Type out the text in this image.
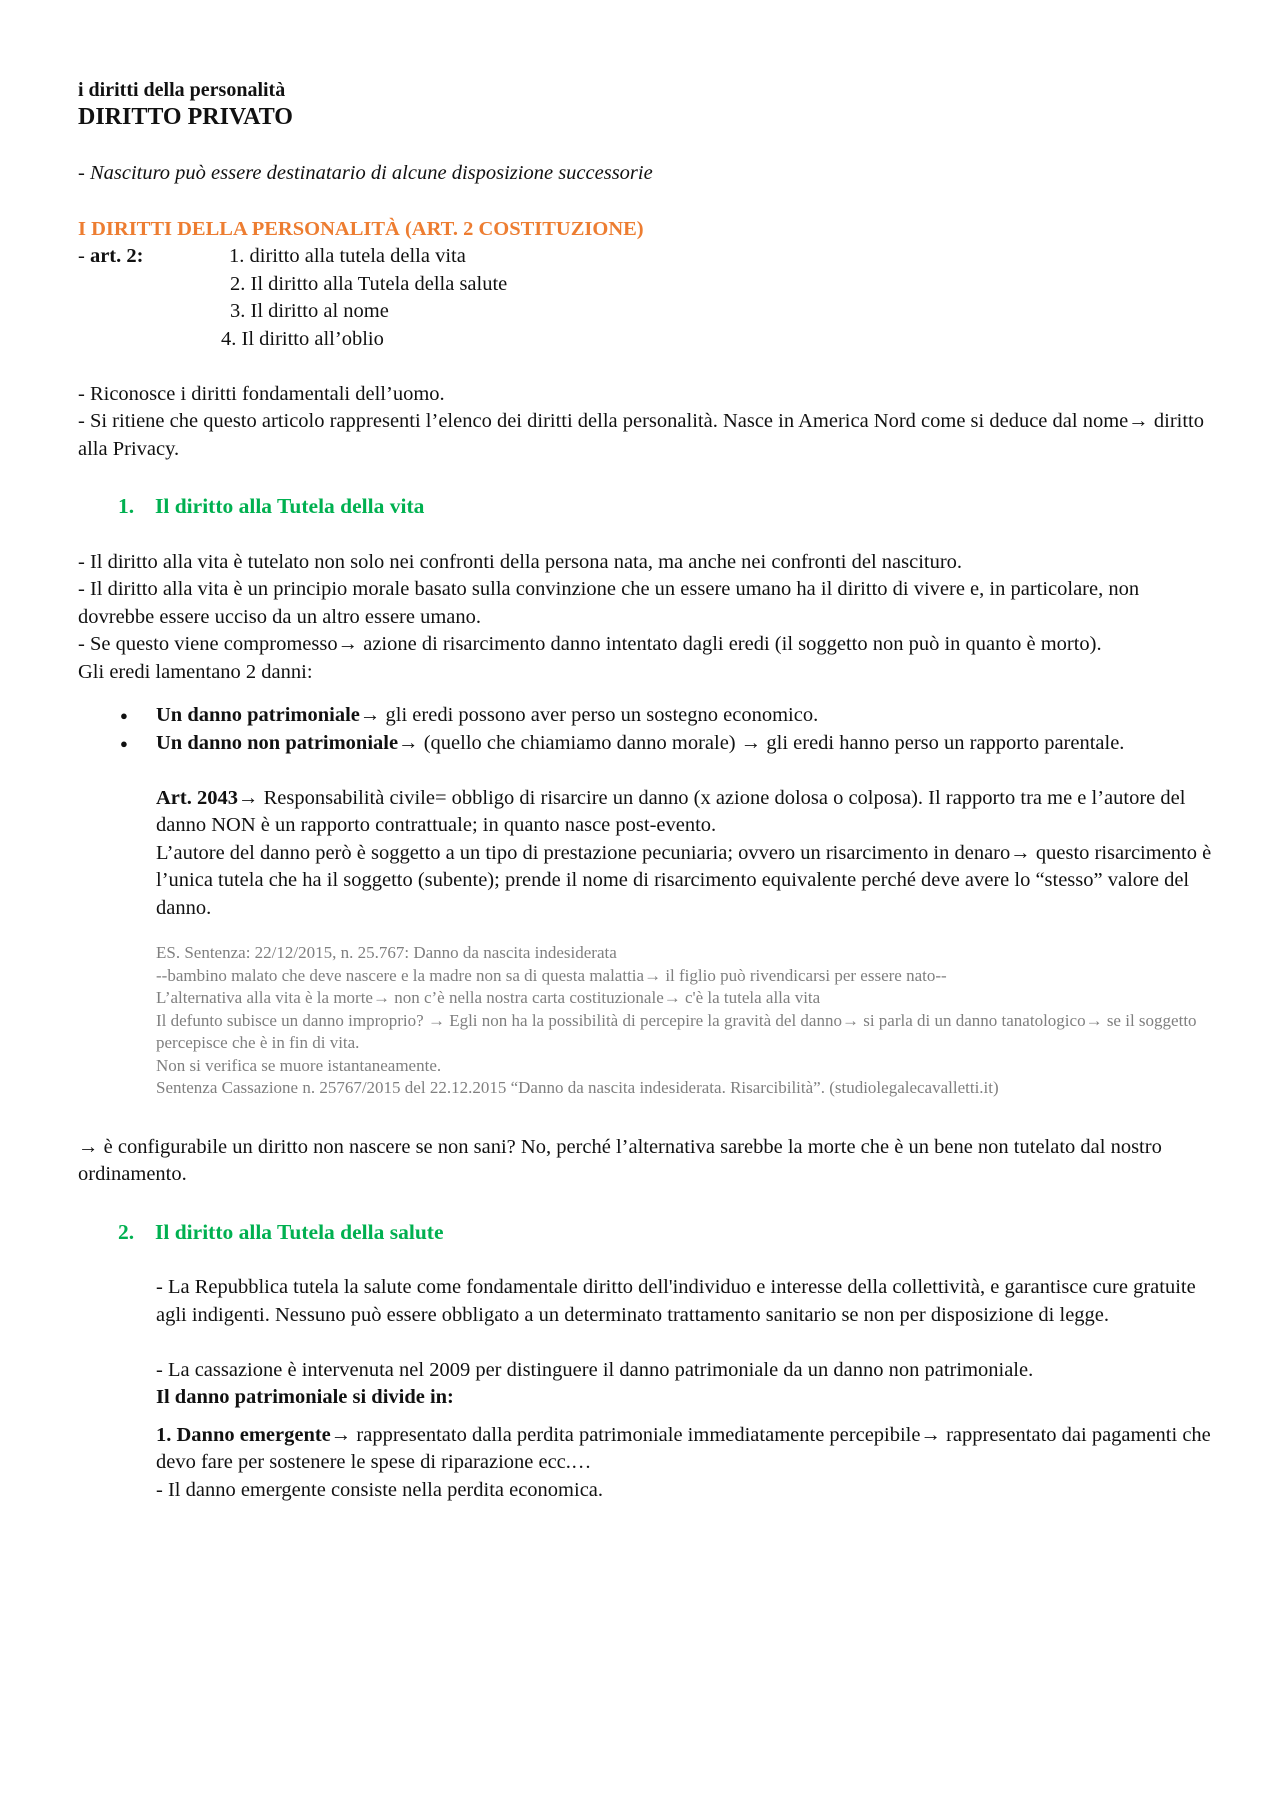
i diritti della personalità

DIRITTO PRIVATO

- Nascituro può essere destinatario di alcune disposizione successorie

I DIRITTI DELLA PERSONALITÀ (ART. 2 COSTITUZIONE)

- art. 2:	1. diritto alla tutela della vita
2. Il diritto alla Tutela della salute
3. Il diritto al nome
4. Il diritto all’oblio

- Riconosce i diritti fondamentali dell’uomo.

- Si ritiene che questo articolo rappresenti l’elenco dei diritti della personalità. Nasce in America Nord come si deduce dal nome→ diritto alla Privacy.

1. Il diritto alla Tutela della vita

- Il diritto alla vita è tutelato non solo nei confronti della persona nata, ma anche nei confronti del nascituro.

- Il diritto alla vita è un principio morale basato sulla convinzione che un essere umano ha il diritto di vivere e, in particolare, non dovrebbe essere ucciso da un altro essere umano.

- Se questo viene compromesso→ azione di risarcimento danno intentato dagli eredi (il soggetto non può in quanto è morto).

Gli eredi lamentano 2 danni:

● Un danno patrimoniale→ gli eredi possono aver perso un sostegno economico.
● Un danno non patrimoniale→ (quello che chiamiamo danno morale) → gli eredi hanno perso un rapporto parentale.

Art. 2043→ Responsabilità civile= obbligo di risarcire un danno (x azione dolosa o colposa). Il rapporto tra me e l’autore del danno NON è un rapporto contrattuale; in quanto nasce post-evento.

L’autore del danno però è soggetto a un tipo di prestazione pecuniaria; ovvero un risarcimento in denaro→ questo risarcimento è l’unica tutela che ha il soggetto (subente); prende il nome di risarcimento equivalente perché deve avere lo “stesso” valore del danno.

ES. Sentenza: 22/12/2015, n. 25.767: Danno da nascita indesiderata

--bambino malato che deve nascere e la madre non sa di questa malattia→ il figlio può rivendicarsi per essere nato--

L’alternativa alla vita è la morte→ non c’è nella nostra carta costituzionale→ c'è la tutela alla vita

Il defunto subisce un danno improprio? → Egli non ha la possibilità di percepire la gravità del danno→ si parla di un danno tanatologico→ se il soggetto percepisce che è in fin di vita.

Non si verifica se muore istantaneamente.

Sentenza Cassazione n. 25767/2015 del 22.12.2015 “Danno da nascita indesiderata. Risarcibilità”. (studiolegalecavalletti.it)

→ è configurabile un diritto non nascere se non sani? No, perché l’alternativa sarebbe la morte che è un bene non tutelato dal nostro ordinamento.

2. Il diritto alla Tutela della salute

- La Repubblica tutela la salute come fondamentale diritto dell'individuo e interesse della collettività, e garantisce cure gratuite agli indigenti. Nessuno può essere obbligato a un determinato trattamento sanitario se non per disposizione di legge.

- La cassazione è intervenuta nel 2009 per distinguere il danno patrimoniale da un danno non patrimoniale.

Il danno patrimoniale si divide in:

1. Danno emergente→ rappresentato dalla perdita patrimoniale immediatamente percepibile→ rappresentato dai pagamenti che devo fare per sostenere le spese di riparazione ecc.…

- Il danno emergente consiste nella perdita economica.
